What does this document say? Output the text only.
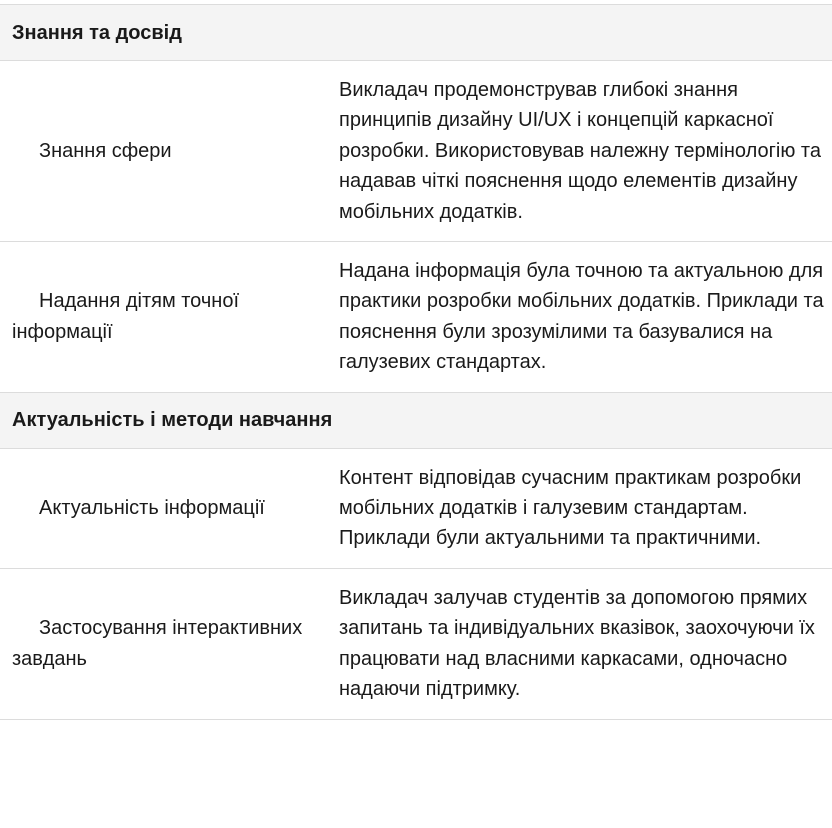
Знання та досвід	
Знання сфери	Викладач продемонстрував глибокі знання принципів дизайну UI/UX і концепцій каркасної розробки. Використовував належну термінологію та надавав чіткі пояснення щодо елементів дизайну мобільних додатків.
Надання дітям точної інформації	Надана інформація була точною та актуальною для практики розробки мобільних додатків. Приклади та пояснення були зрозумілими та базувалися на галузевих стандартах.
Актуальність і методи навчання	
Актуальність інформації	Контент відповідав сучасним практикам розробки мобільних додатків і галузевим стандартам. Приклади були актуальними та практичними.
Застосування інтерактивних завдань	Викладач залучав студентів за допомогою прямих запитань та індивідуальних вказівок, заохочуючи їх працювати над власними каркасами, одночасно надаючи підтримку.
